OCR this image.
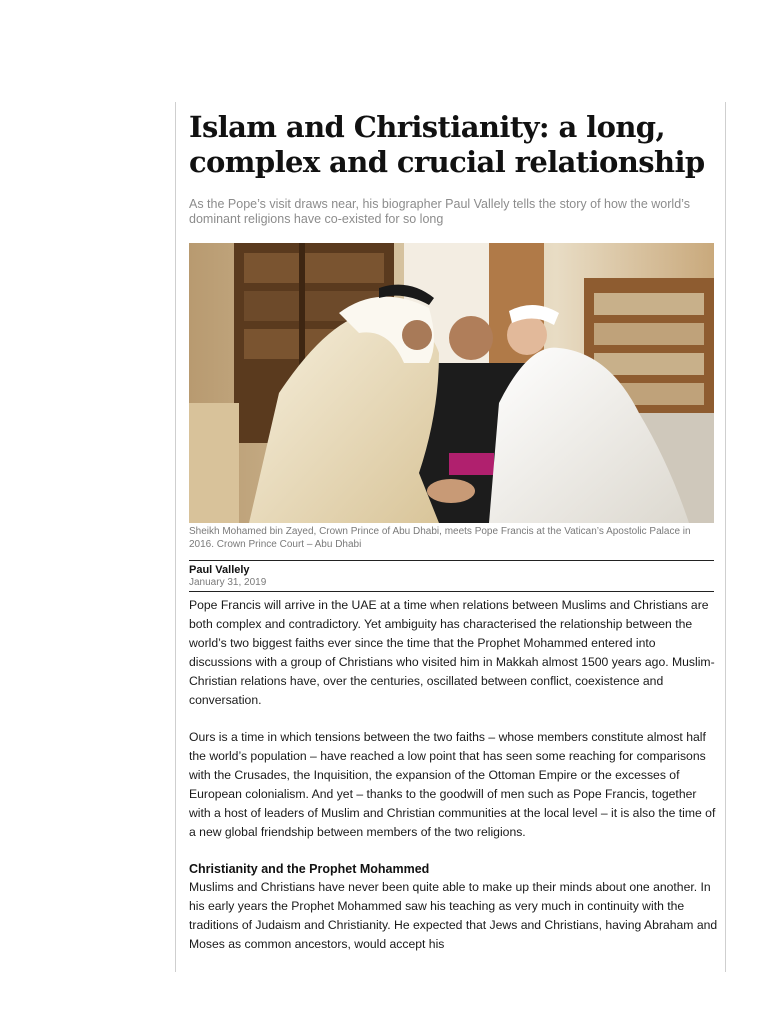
Islam and Christianity: a long, complex and crucial relationship
As the Pope’s visit draws near, his biographer Paul Vallely tells the story of how the world’s dominant religions have co-existed for so long
Sheikh Mohamed bin Zayed, Crown Prince of Abu Dhabi, meets Pope Francis at the Vatican’s Apostolic Palace in 2016. Crown Prince Court – Abu Dhabi
Paul Vallely
January 31, 2019

Pope Francis will arrive in the UAE at a time when relations between Muslims and Christians are both complex and contradictory. Yet ambiguity has characterised the relationship between the world’s two biggest faiths ever since the time that the Prophet Mohammed entered into discussions with a group of Christians who visited him in Makkah almost 1500 years ago. Muslim-Christian relations have, over the centuries, oscillated between conflict, coexistence and conversation.

Ours is a time in which tensions between the two faiths – whose members constitute almost half the world’s population – have reached a low point that has seen some reaching for comparisons with the Crusades, the Inquisition, the expansion of the Ottoman Empire or the excesses of European colonialism. And yet – thanks to the goodwill of men such as Pope Francis, together with a host of leaders of Muslim and Christian communities at the local level – it is also the time of a new global friendship between members of the two religions.

Christianity and the Prophet Mohammed

Muslims and Christians have never been quite able to make up their minds about one another. In his early years the Prophet Mohammed saw his teaching as very much in continuity with the traditions of Judaism and Christianity. He expected that Jews and Christians, having Abraham and Moses as common ancestors, would accept his
